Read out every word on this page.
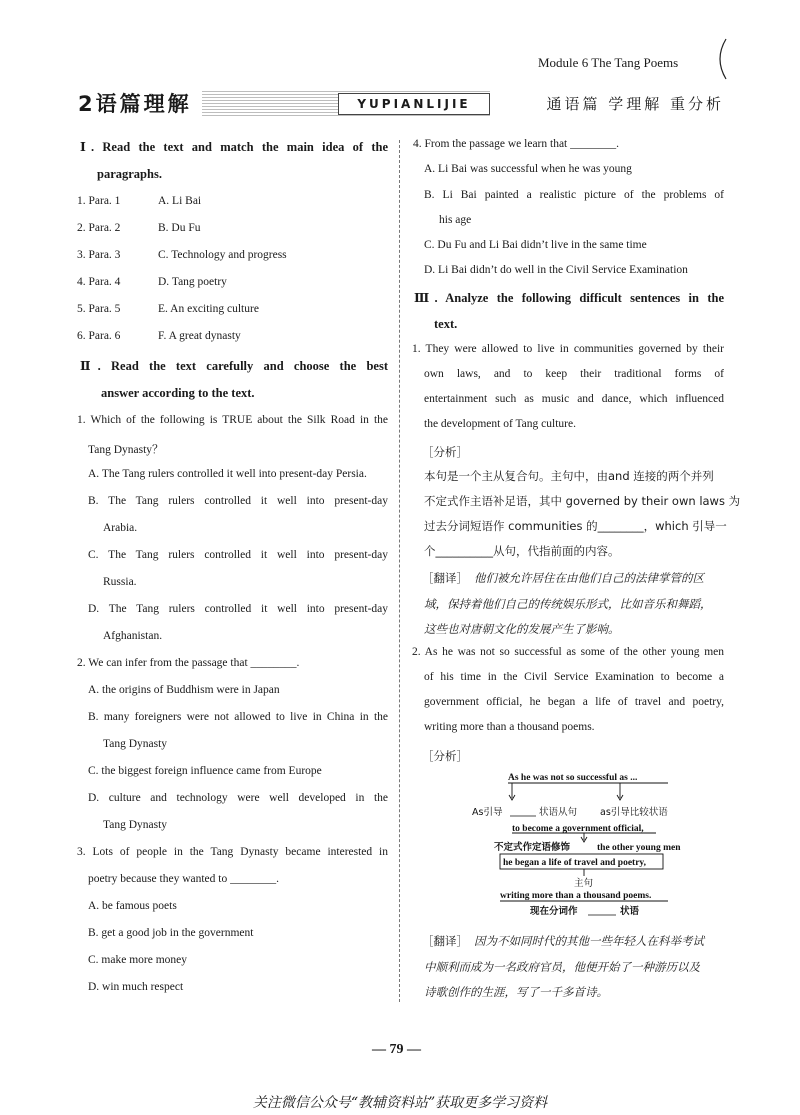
Module 6 The Tang Poems
2语篇理解	YUPIANLIJIE	通语篇 学理解 重分析
Ⅰ. Read the text and match the main idea of the
paragraphs.
1. Para. 1	A. Li Bai
2. Para. 2	B. Du Fu
3. Para. 3	C. Technology and progress
4. Para. 4	D. Tang poetry
5. Para. 5	E. An exciting culture
6. Para. 6	F. A great dynasty
Ⅱ. Read the text carefully and choose the best
answer according to the text.
1. Which of the following is TRUE about the Silk Road in the
Tang Dynasty？
A. The Tang rulers controlled it well into present-day Persia.
B. The Tang rulers controlled it well into present-day
Arabia.
C. The Tang rulers controlled it well into present-day
Russia.
D. The Tang rulers controlled it well into present-day
Afghanistan.
2. We can infer from the passage that ________.
A. the origins of Buddhism were in Japan
B. many foreigners were not allowed to live in China in the
Tang Dynasty
C. the biggest foreign influence came from Europe
D. culture and technology were well developed in the
Tang Dynasty
3. Lots of people in the Tang Dynasty became interested in
poetry because they wanted to ________.
A. be famous poets
B. get a good job in the government
C. make more money
D. win much respect
4. From the passage we learn that ________.
A. Li Bai was successful when he was young
B. Li Bai painted a realistic picture of the problems of
his age
C. Du Fu and Li Bai didn’t live in the same time
D. Li Bai didn’t do well in the Civil Service Examination
Ⅲ. Analyze the following difficult sentences in the
text.
1. They were allowed to live in communities governed by their
own laws, and to keep their traditional forms of
entertainment such as music and dance, which influenced
the development of Tang culture.
［分析］
本句是一个主从复合句。主句中，由and 连接的两个并列
不定式作主语补足语，其中 governed by their own laws 为
过去分词短语作 communities 的________，which 引导一
个__________从句，代指前面的内容。
［翻译］ 他们被允许居住在由他们自己的法律掌管的区
域，保持着他们自己的传统娱乐形式，比如音乐和舞蹈，
这些也对唐朝文化的发展产生了影响。
2. As he was not so successful as some of the other young men
of his time in the Civil Service Examination to become a
government official, he began a life of travel and poetry,
writing more than a thousand poems.
［分析］
As he was not so successful as ...
As引导	状语从句 as引导比较状语
to become a government official,
不定式作定语修饰	the other young men
he began a life of travel and poetry,
主句
writing more than a thousand poems.
现在分词作	状语
［翻译］ 因为不如同时代的其他一些年轻人在科举考试
中顺利而成为一名政府官员，他便开始了一种游历以及
诗歌创作的生涯，写了一千多首诗。
— 79 —
关注微信公众号“教辅资料站”获取更多学习资料
